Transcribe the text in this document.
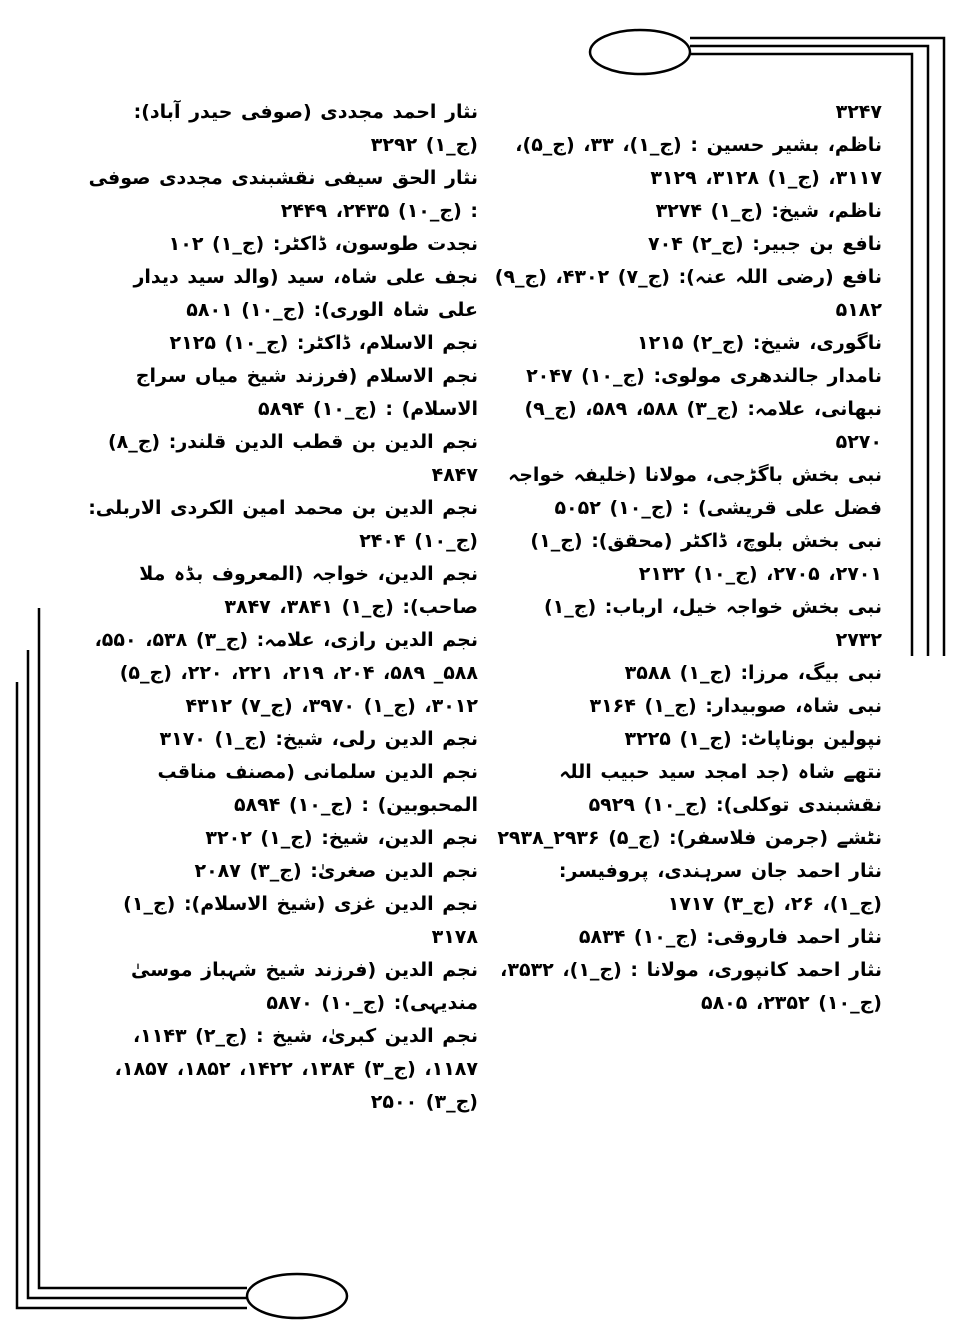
۳۲۴۷
ناظم، بشیر حسین : (ج_۱)، ۳۳، (ج_۵)، ۳۱۱۷، (ج_۱) ۳۱۲۸، ۳۱۲۹
ناظم، شیخ: (ج_۱) ۳۲۷۴
نافع بن جبیر: (ج_۲) ۷۰۴
نافع (رضی اللہ عنہ): (ج_۷) ۴۳۰۲، (ج_۹) ۵۱۸۲
ناگوری، شیخ: (ج_۲) ۱۲۱۵
نامدار جالندھری مولوی: (ج_۱۰) ۲۰۴۷
نبھانی، علامہ: (ج_۳) ۵۸۸، ۵۸۹، (ج_۹) ۵۲۷۰
نبی بخش باگڑجی، مولانا (خلیفہ خواجہ فضل علی قریشی) : (ج_۱۰) ۵۰۵۲
نبی بخش بلوچ، ڈاکٹر (محقق): (ج_۱) ۲۷۰۱، ۲۷۰۵، (ج_۱۰) ۲۱۳۲
نبی بخش خواجہ خیل، ارباب: (ج_۱) ۲۷۳۲
نبی بیگ، مرزا: (ج_۱) ۳۵۸۸
نبی شاہ، صوبیدار: (ج_۱) ۳۱۶۴
نپولین بوناپاٹ: (ج_۱) ۳۲۲۵
نتھے شاہ (جد امجد سید حبیب اللہ نقشبندی توکلی): (ج_۱۰) ۵۹۲۹
نٹشے (جرمن فلاسفر): (ج_۵) ۲۹۳۶_۲۹۳۸
نثار احمد جان سرہندی، پروفیسر: (ج_۱)، ۲۶، (ج_۳) ۱۷۱۷
نثار احمد فاروقی: (ج_۱۰) ۵۸۳۴
نثار احمد کانپوری، مولانا : (ج_۱)، ۳۵۳۲، (ج_۱۰) ۲۳۵۲، ۵۸۰۵
نثار احمد مجددی (صوفی حیدر آباد): (ج_۱) ۳۲۹۲
نثار الحق سیفی نقشبندی مجددی صوفی : (ج_۱۰) ۲۴۳۵، ۲۴۴۹
نجدت طوسون، ڈاکٹر: (ج_۱) ۱۰۲
نجف علی شاہ، سید (والد سید دیدار علی شاہ الوری): (ج_۱۰) ۵۸۰۱
نجم الاسلام، ڈاکٹر: (ج_۱۰) ۲۱۲۵
نجم الاسلام (فرزند شیخ میاں سراج الاسلام) : (ج_۱۰) ۵۸۹۴
نجم الدین بن قطب الدین قلندر: (ج_۸) ۴۸۴۷
نجم الدین بن محمد امین الکردی الاربلی: (ج_۱۰) ۲۴۰۴
نجم الدین، خواجہ (المعروف بڈہ ملا صاحب): (ج_۱) ۳۸۴۱، ۳۸۴۷
نجم الدین رازی، علامہ: (ج_۳) ۵۳۸، ۵۵۰، ۵۸۸_ ۵۸۹، ۲۰۴، ۲۱۹، ۲۲۱، ۲۲۰، (ج_۵) ۳۰۱۲، (ج_۱) ۳۹۷۰، (ج_۷) ۴۳۱۲
نجم الدین رلی، شیخ: (ج_۱) ۳۱۷۰
نجم الدین سلمانی (مصنف مناقب المحبوبین) : (ج_۱۰) ۵۸۹۴
نجم الدین، شیخ: (ج_۱) ۳۲۰۲
نجم الدین صغریٰ: (ج_۳) ۲۰۸۷
نجم الدین غزی (شیخ الاسلام): (ج_۱) ۳۱۷۸
نجم الدین (فرزند شیخ شہباز موسیٰ مندیہی): (ج_۱۰) ۵۸۷۰
نجم الدین کبریٰ، شیخ : (ج_۲) ۱۱۴۳، ۱۱۸۷، (ج_۳) ۱۳۸۴، ۱۴۲۲، ۱۸۵۲، ۱۸۵۷، (ج_۳) ۲۵۰۰
